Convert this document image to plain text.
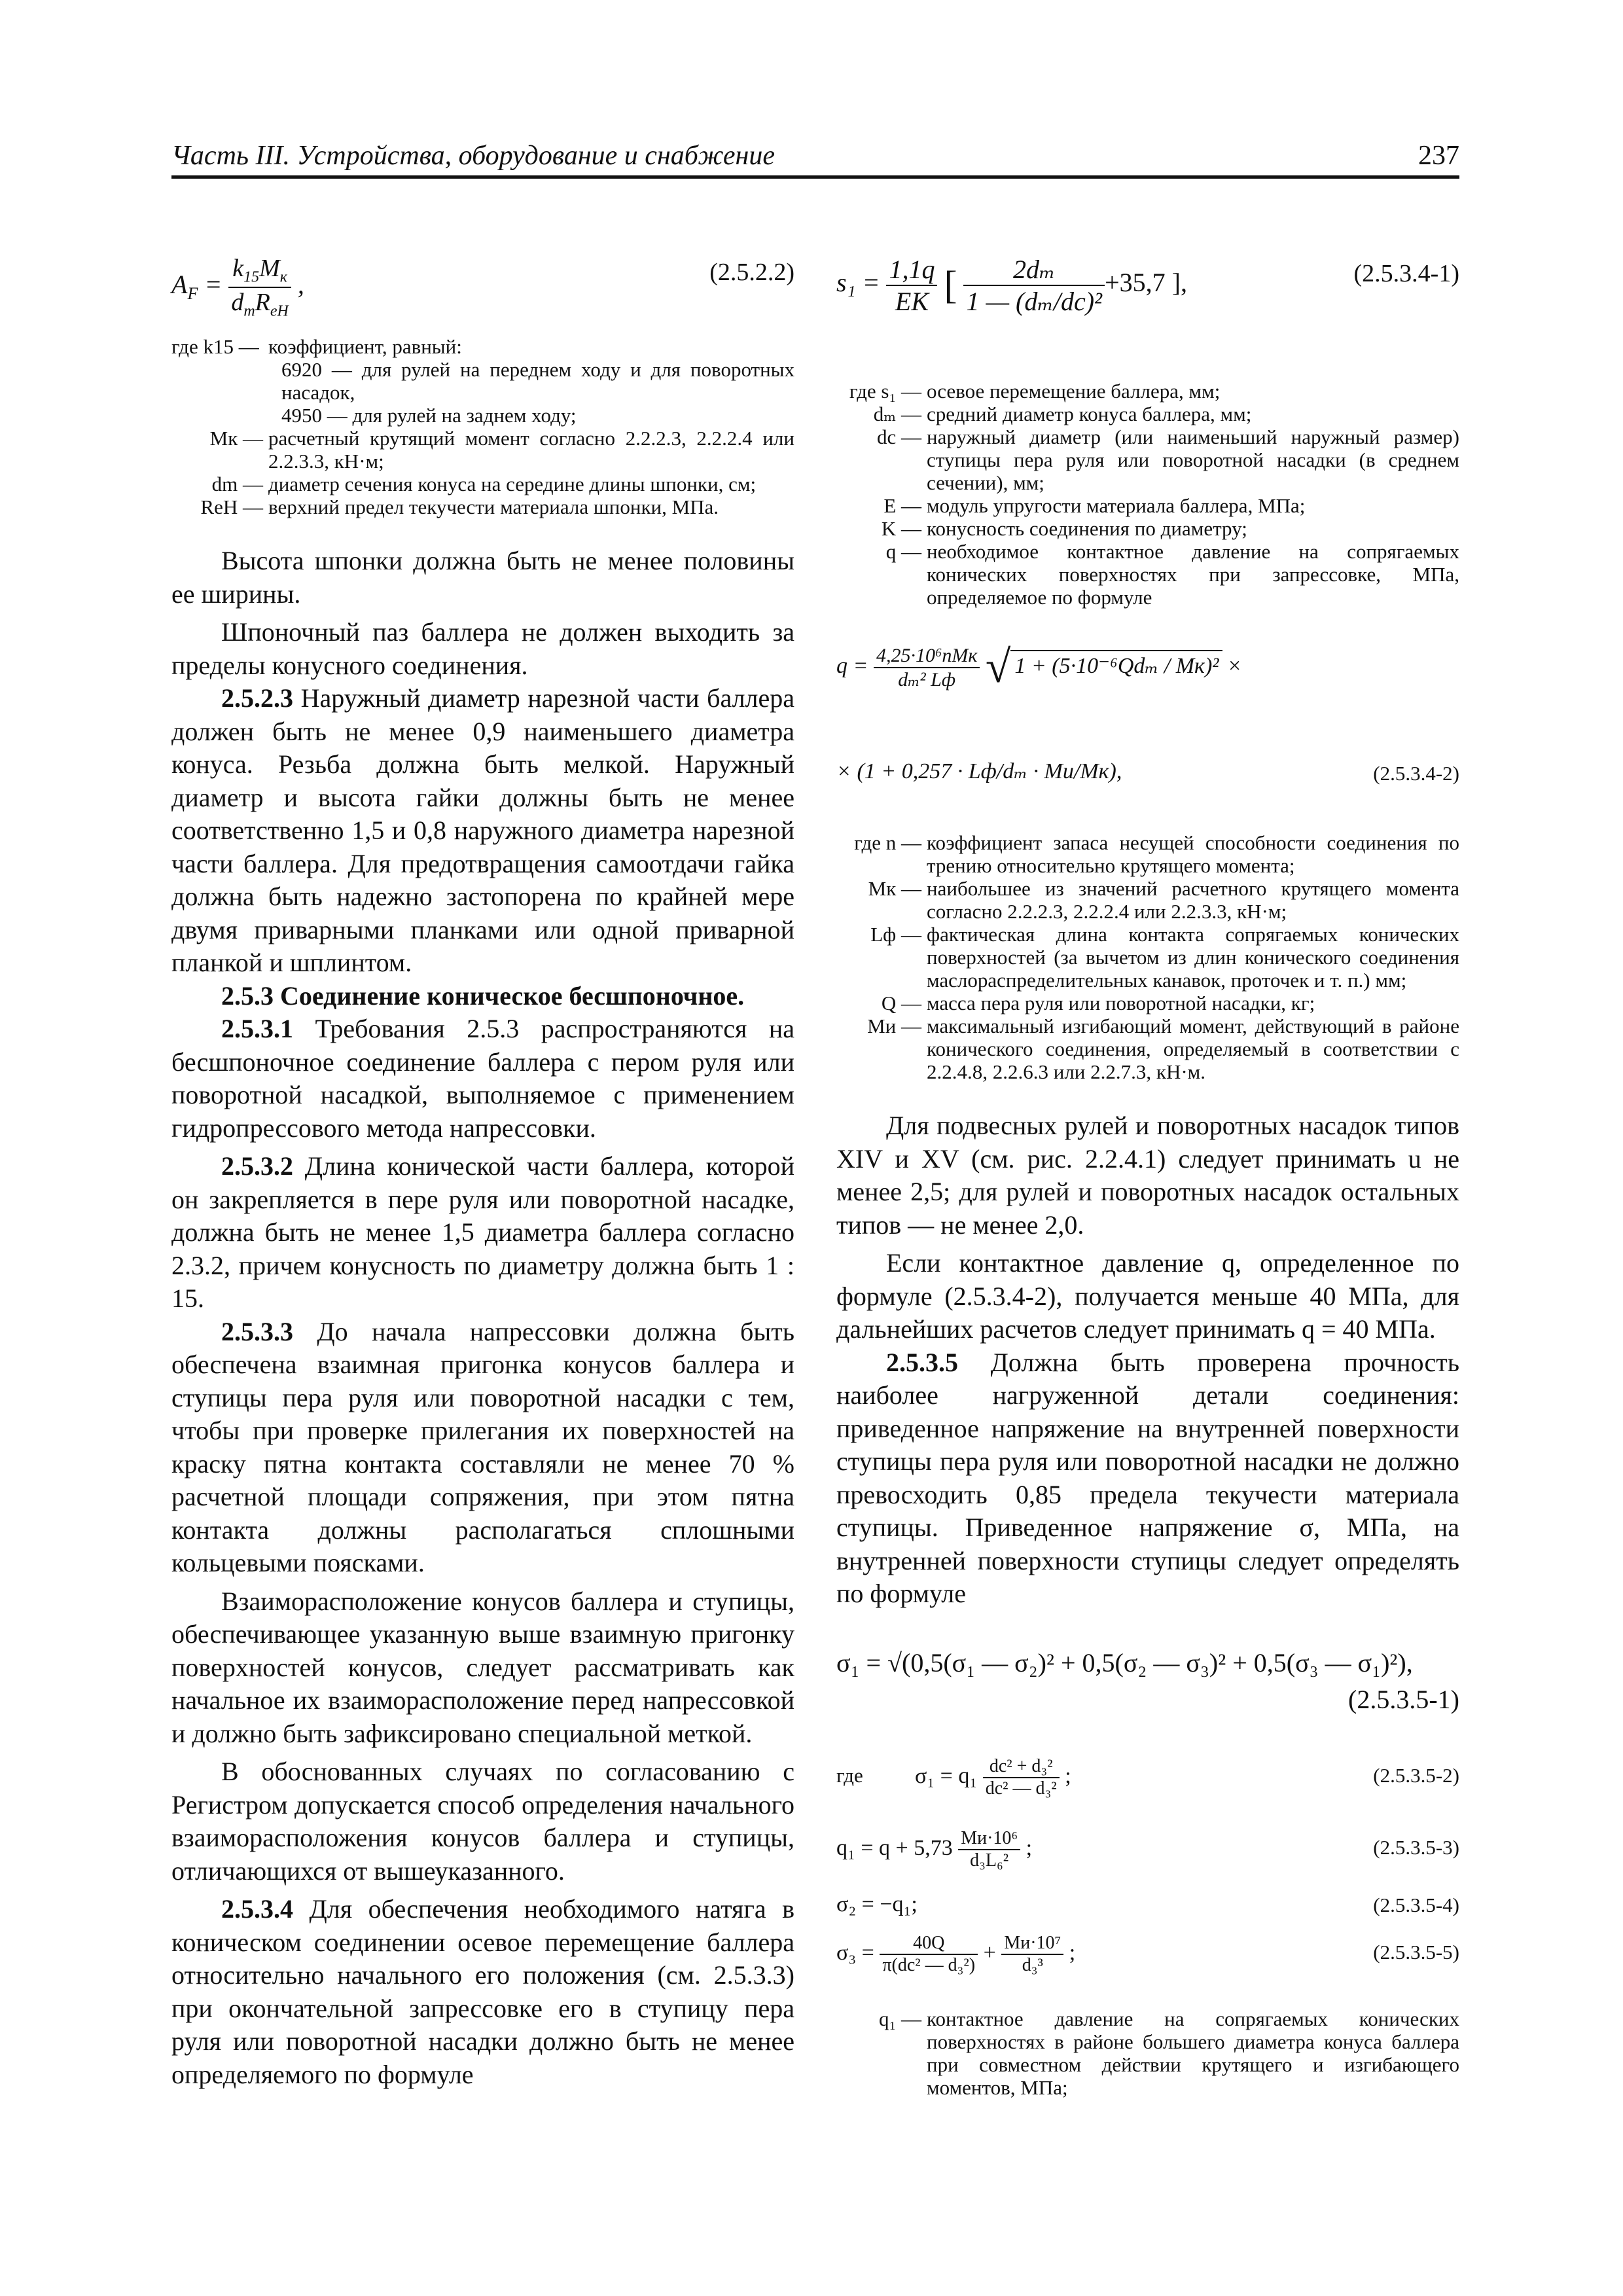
Часть III. Устройства, оборудование и снабжение	237
$A_F = \frac{k_{15}M_к}{d_mR_{eH}}$ ,	(2.5.2.2)
где k15 — коэффициент, равный:
6920 — для рулей на переднем ходу и для поворотных насадок,
4950 — для рулей на заднем ходу;
Mк — расчетный крутящий момент согласно 2.2.2.3, 2.2.2.4 или 2.2.3.3, кН·м;
dm — диаметр сечения конуса на середине длины шпонки, см;
ReH — верхний предел текучести материала шпонки, МПа.

Высота шпонки должна быть не менее половины ее ширины.

Шпоночный паз баллера не должен выходить за пределы конусного соединения.

2.5.2.3 Наружный диаметр нарезной части баллера должен быть не менее 0,9 наименьшего диаметра конуса. Резьба должна быть мелкой. Наружный диаметр и высота гайки должны быть не менее соответственно 1,5 и 0,8 наружного диаметра нарезной части баллера. Для предотвращения самоотдачи гайка должна быть надежно застопорена по крайней мере двумя приварными планками или одной приварной планкой и шплинтом.

2.5.3 Соединение коническое бесшпоночное.

2.5.3.1 Требования 2.5.3 распространяются на бесшпоночное соединение баллера с пером руля или поворотной насадкой, выполняемое с применением гидропрессового метода напрессовки.

2.5.3.2 Длина конической части баллера, которой он закрепляется в пере руля или поворотной насадке, должна быть не менее 1,5 диаметра баллера согласно 2.3.2, причем конусность по диаметру должна быть 1 : 15.

2.5.3.3 До начала напрессовки должна быть обеспечена взаимная пригонка конусов баллера и ступицы пера руля или поворотной насадки с тем, чтобы при проверке прилегания их поверхностей на краску пятна контакта составляли не менее 70 % расчетной площади сопряжения, при этом пятна контакта должны располагаться сплошными кольцевыми поясками.

Взаиморасположение конусов баллера и ступицы, обеспечивающее указанную выше взаимную пригонку поверхностей конусов, следует рассматривать как начальное их взаиморасположение перед напрессовкой и должно быть зафиксировано специальной меткой.

В обоснованных случаях по согласованию с Регистром допускается способ определения начального взаиморасположения конусов баллера и ступицы, отличающихся от вышеуказанного.

2.5.3.4 Для обеспечения необходимого натяга в коническом соединении осевое перемещение баллера относительно начального его положения (см. 2.5.3.3) при окончательной запрессовке его в ступицу пера руля или поворотной насадки должно быть не менее определяемого по формуле

$s_1 = \frac{1,1q}{EK}$ [ $\frac{\text{2dₘ}}{\text{1 — (dₘ/dс)²}} +35,7$ ],	(2.5.3.4-1)
где s₁ — осевое перемещение баллера, мм;
dₘ — средний диаметр конуса баллера, мм;
dс — наружный диаметр (или наименьший наружный размер) ступицы пера руля или поворотной насадки (в среднем сечении), мм;
E — модуль упругости материала баллера, МПа;
K — конусность соединения по диаметру;
q — необходимое контактное давление на сопрягаемых конических поверхностях при запрессовке, МПа, определяемое по формуле
$q = \frac{\text{4,25·10⁶nMк}}{\text{dₘ² Lф}}$ √ 1 + (5·10⁻⁶Qdₘ / Mк)² ×
× (1 + 0,257 · Lф/dₘ · Mи/Mк),	(2.5.3.4-2)
где n — коэффициент запаса несущей способности соединения по трению относительно крутящего момента;
Mк — наибольшее из значений расчетного крутящего момента согласно 2.2.2.3, 2.2.2.4 или 2.2.3.3, кН·м;
Lф — фактическая длина контакта сопрягаемых конических поверхностей (за вычетом из длин конического соединения маслораспределительных канавок, проточек и т. п.) мм;
Q — масса пера руля или поворотной насадки, кг;
Mи — максимальный изгибающий момент, действующий в районе конического соединения, определяемый в соответствии с 2.2.4.8, 2.2.6.3 или 2.2.7.3, кН·м.

Для подвесных рулей и поворотных насадок типов XIV и XV (см. рис. 2.2.4.1) следует принимать u не менее 2,5; для рулей и поворотных насадок остальных типов — не менее 2,0.

Если контактное давление q, определенное по формуле (2.5.3.4-2), получается меньше 40 МПа, для дальнейших расчетов следует принимать q = 40 МПа.

2.5.3.5 Должна быть проверена прочность наиболее нагруженной детали соединения: приведенное напряжение на внутренней поверхности ступицы пера руля или поворотной насадки не должно превосходить 0,85 предела текучести материала ступицы. Приведенное напряжение σ, МПа, на внутренней поверхности ступицы следует определять по формуле

σ₁ = √(0,5(σ₁ — σ₂)² + 0,5(σ₂ — σ₃)² + 0,5(σ₃ — σ₁)²),
(2.5.3.5-1)
где $\sigma_1 = q_1 \frac{\text{dс² + d₃²}}{\text{dс² — d₃²}}$ ;	(2.5.3.5-2)
$q_1 = q + 5,73 \frac{\text{Mи·10⁶}}{\text{d₃L₆²}}$ ;	(2.5.3.5-3)
σ₂ = −q₁;	(2.5.3.5-4)
$\sigma_3 = \frac{40Q}{\text{π(dс² — d₃²)}} + \frac{\text{Mи·10⁷}}{\text{d₃³}}$ ;	(2.5.3.5-5)
q₁ — контактное давление на сопрягаемых конических поверхностях в районе большего диаметра конуса баллера при совместном действии крутящего и изгибающего моментов, МПа;
